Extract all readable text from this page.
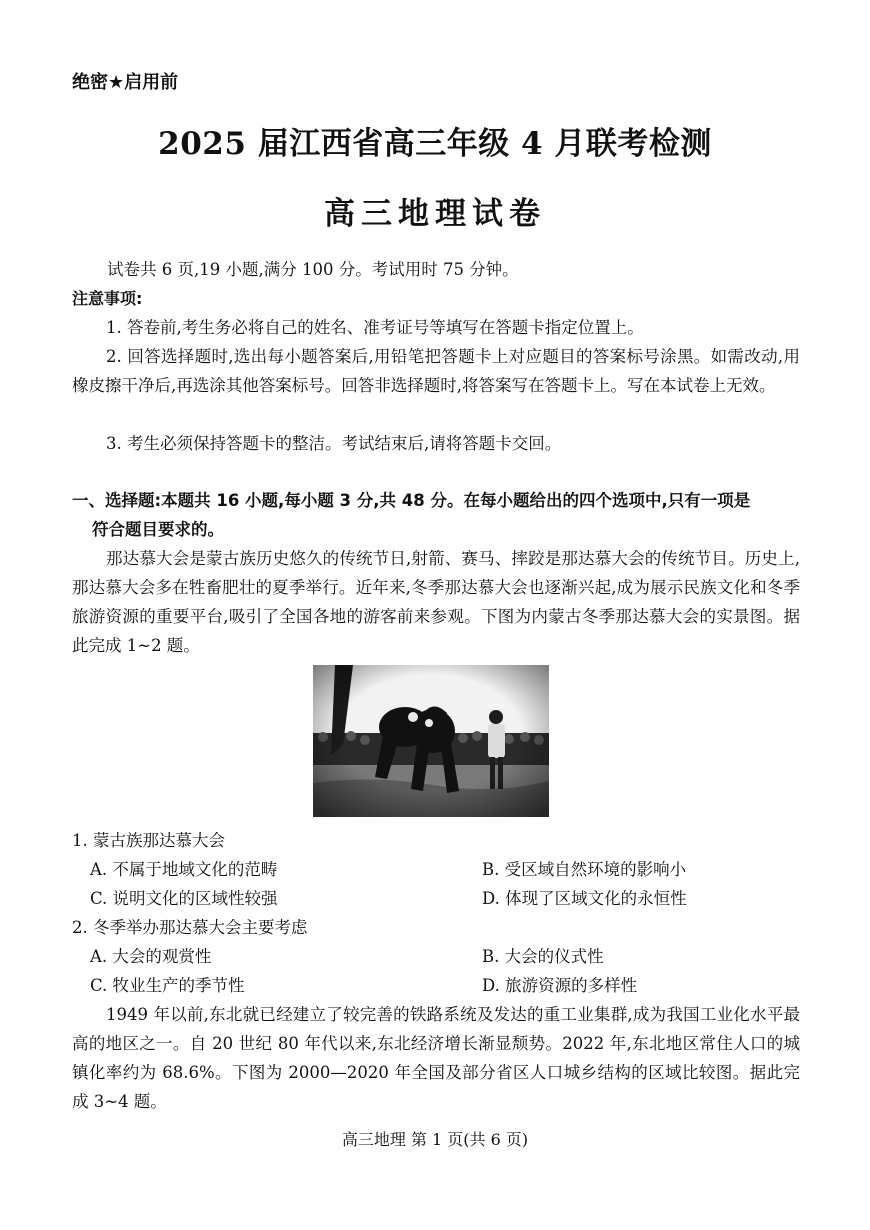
绝密★启用前
2025 届江西省高三年级 4 月联考检测
高三地理试卷
试卷共 6 页,19 小题,满分 100 分。考试用时 75 分钟。
注意事项:
1. 答卷前,考生务必将自己的姓名、准考证号等填写在答题卡指定位置上。
2. 回答选择题时,选出每小题答案后,用铅笔把答题卡上对应题目的答案标号涂黑。如需改动,用橡皮擦干净后,再选涂其他答案标号。回答非选择题时,将答案写在答题卡上。写在本试卷上无效。
3. 考生必须保持答题卡的整洁。考试结束后,请将答题卡交回。
一、选择题:本题共 16 小题,每小题 3 分,共 48 分。在每小题给出的四个选项中,只有一项是
符合题目要求的。
那达慕大会是蒙古族历史悠久的传统节日,射箭、赛马、摔跤是那达慕大会的传统节目。历史上,那达慕大会多在牲畜肥壮的夏季举行。近年来,冬季那达慕大会也逐渐兴起,成为展示民族文化和冬季旅游资源的重要平台,吸引了全国各地的游客前来参观。下图为内蒙古冬季那达慕大会的实景图。据此完成 1~2 题。
1. 蒙古族那达慕大会
A. 不属于地域文化的范畴	B. 受区域自然环境的影响小
C. 说明文化的区域性较强	D. 体现了区域文化的永恒性
2. 冬季举办那达慕大会主要考虑
A. 大会的观赏性	B. 大会的仪式性
C. 牧业生产的季节性	D. 旅游资源的多样性
1949 年以前,东北就已经建立了较完善的铁路系统及发达的重工业集群,成为我国工业化水平最高的地区之一。自 20 世纪 80 年代以来,东北经济增长渐显颓势。2022 年,东北地区常住人口的城镇化率约为 68.6%。下图为 2000—2020 年全国及部分省区人口城乡结构的区域比较图。据此完成 3~4 题。
高三地理 第 1 页(共 6 页)
